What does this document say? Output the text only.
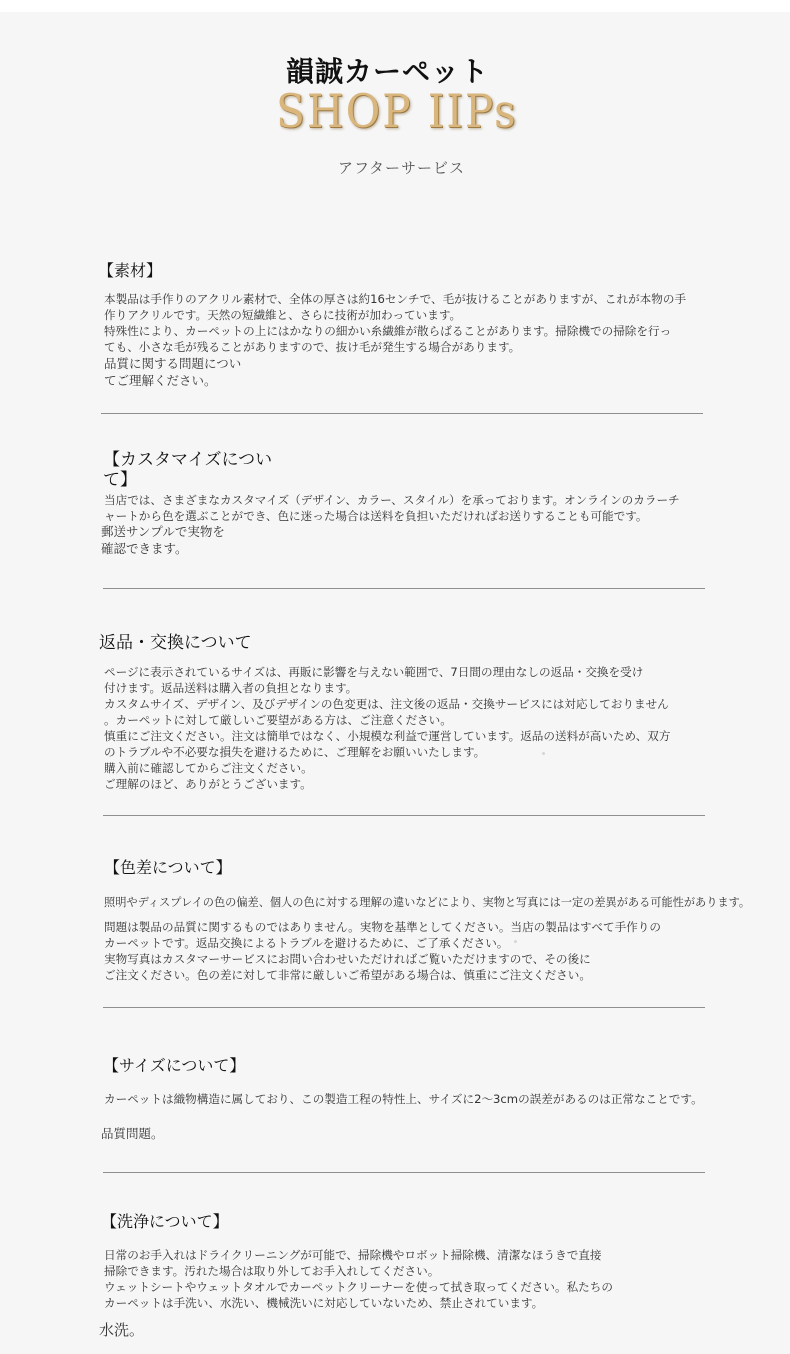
韻誠カーペット
SHOP IIPs
アフターサービス
【素材】
本製品は手作りのアクリル素材で、全体の厚さは約16センチで、毛が抜けることがありますが、これが本物の手
作りアクリルです。天然の短繊維と、さらに技術が加わっています。
特殊性により、カーペットの上にはかなりの細かい糸繊維が散らばることがあります。掃除機での掃除を行っ
ても、小さな毛が残ることがありますので、抜け毛が発生する場合があります。
品質に関する問題につい
てご理解ください。
【カスタマイズについ
て】
当店では、さまざまなカスタマイズ（デザイン、カラー、スタイル）を承っております。オンラインのカラーチ
ャートから色を選ぶことができ、色に迷った場合は送料を負担いただければお送りすることも可能です。
郵送サンプルで実物を
確認できます。
返品・交換について
ページに表示されているサイズは、再販に影響を与えない範囲で、7日間の理由なしの返品・交換を受け
付けます。返品送料は購入者の負担となります。
カスタムサイズ、デザイン、及びデザインの色変更は、注文後の返品・交換サービスには対応しておりません
。カーペットに対して厳しいご要望がある方は、ご注意ください。
慎重にご注文ください。注文は簡単ではなく、小規模な利益で運営しています。返品の送料が高いため、双方
のトラブルや不必要な損失を避けるために、ご理解をお願いいたします。
購入前に確認してからご注文ください。
ご理解のほど、ありがとうございます。
【色差について】
照明やディスプレイの色の偏差、個人の色に対する理解の違いなどにより、実物と写真には一定の差異がある可能性があります。
問題は製品の品質に関するものではありません。実物を基準としてください。当店の製品はすべて手作りの
カーペットです。返品交換によるトラブルを避けるために、ご了承ください。
実物写真はカスタマーサービスにお問い合わせいただければご覧いただけますので、その後に
ご注文ください。色の差に対して非常に厳しいご希望がある場合は、慎重にご注文ください。
【サイズについて】
カーペットは織物構造に属しており、この製造工程の特性上、サイズに2〜3cmの誤差があるのは正常なことです。
品質問題。
【洗浄について】
日常のお手入れはドライクリーニングが可能で、掃除機やロボット掃除機、清潔なほうきで直接
掃除できます。汚れた場合は取り外してお手入れしてください。
ウェットシートやウェットタオルでカーペットクリーナーを使って拭き取ってください。私たちの
カーペットは手洗い、水洗い、機械洗いに対応していないため、禁止されています。
水洗。
